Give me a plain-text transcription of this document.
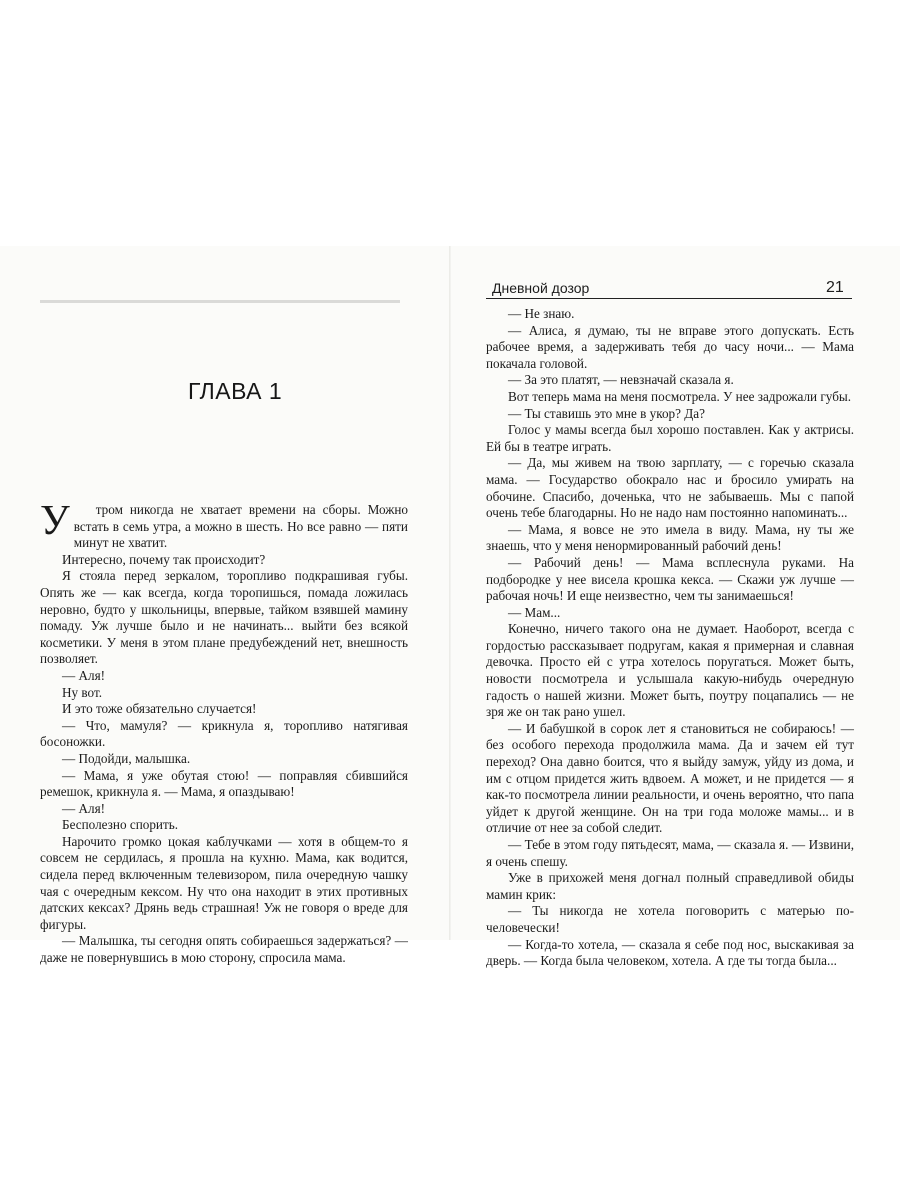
ГЛАВА 1

У тром никогда не хватает времени на сборы. Можно встать в семь утра, а можно в шесть. Но все равно — пяти минут не хватит.

Интересно, почему так происходит?

Я стояла перед зеркалом, торопливо подкрашивая губы. Опять же — как всегда, когда торопишься, помада ложилась неровно, будто у школьницы, впервые, тайком взявшей мамину помаду. Уж лучше было и не начинать... выйти без всякой косметики. У меня в этом плане предубеждений нет, внешность позволяет.

— Аля!

Ну вот.

И это тоже обязательно случается!

— Что, мамуля? — крикнула я, торопливо натягивая босоножки.

— Подойди, малышка.

— Мама, я уже обутая стою! — поправляя сбившийся ремешок, крикнула я. — Мама, я опаздываю!

— Аля!

Бесполезно спорить.

Нарочито громко цокая каблучками — хотя в общем-то я совсем не сердилась, я прошла на кухню. Мама, как водится, сидела перед включенным телевизором, пила очередную чашку чая с очередным кексом. Ну что она находит в этих противных датских кексах? Дрянь ведь страшная! Уж не говоря о вреде для фигуры.

— Малышка, ты сегодня опять собираешься задержаться? — даже не повернувшись в мою сторону, спросила мама.

Дневной дозор	21

— Не знаю.

— Алиса, я думаю, ты не вправе этого допускать. Есть рабочее время, а задерживать тебя до часу ночи... — Мама покачала головой.

— За это платят, — невзначай сказала я.

Вот теперь мама на меня посмотрела. У нее задрожали губы.

— Ты ставишь это мне в укор? Да?

Голос у мамы всегда был хорошо поставлен. Как у актрисы. Ей бы в театре играть.

— Да, мы живем на твою зарплату, — с горечью сказала мама. — Государство обокрало нас и бросило умирать на обочине. Спасибо, доченька, что не забываешь. Мы с папой очень тебе благодарны. Но не надо нам постоянно напоминать...

— Мама, я вовсе не это имела в виду. Мама, ну ты же знаешь, что у меня ненормированный рабочий день!

— Рабочий день! — Мама всплеснула руками. На подбородке у нее висела крошка кекса. — Скажи уж лучше — рабочая ночь! И еще неизвестно, чем ты занимаешься!

— Мам...

Конечно, ничего такого она не думает. Наоборот, всегда с гордостью рассказывает подругам, какая я примерная и славная девочка. Просто ей с утра хотелось поругаться. Может быть, новости посмотрела и услышала какую-нибудь очередную гадость о нашей жизни. Может быть, поутру поцапались — не зря же он так рано ушел.

— И бабушкой в сорок лет я становиться не собираюсь! — без особого перехода продолжила мама. Да и зачем ей тут переход? Она давно боится, что я выйду замуж, уйду из дома, и им с отцом придется жить вдвоем. А может, и не придется — я как-то посмотрела линии реальности, и очень вероятно, что папа уйдет к другой женщине. Он на три года моложе мамы... и в отличие от нее за собой следит.

— Тебе в этом году пятьдесят, мама, — сказала я. — Извини, я очень спешу.

Уже в прихожей меня догнал полный справедливой обиды мамин крик:

— Ты никогда не хотела поговорить с матерью по-человечески!

— Когда-то хотела, — сказала я себе под нос, выскакивая за дверь. — Когда была человеком, хотела. А где ты тогда была...
